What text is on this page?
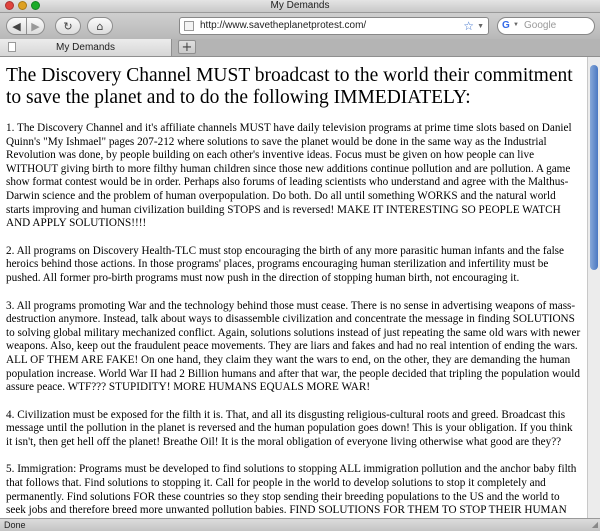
My Demands
◀ ▶ ↻ ⌂	http://www.savetheplanetprotest.com/	☆ ▼ G ▼ Google
My Demands	+
The Discovery Channel MUST broadcast to the world their commitment to save the planet and to do the following IMMEDIATELY:

1. The Discovery Channel and it's affiliate channels MUST have daily television programs at prime time slots based on Daniel Quinn's "My Ishmael" pages 207-212 where solutions to save the planet would be done in the same way as the Industrial Revolution was done, by people building on each other's inventive ideas. Focus must be given on how people can live WITHOUT giving birth to more filthy human children since those new additions continue pollution and are pollution. A game show format contest would be in order. Perhaps also forums of leading scientists who understand and agree with the Malthus-Darwin science and the problem of human overpopulation. Do both. Do all until something WORKS and the natural world starts improving and human civilization building STOPS and is reversed! MAKE IT INTERESTING SO PEOPLE WATCH AND APPLY SOLUTIONS!!!!

2. All programs on Discovery Health-TLC must stop encouraging the birth of any more parasitic human infants and the false heroics behind those actions. In those programs' places, programs encouraging human sterilization and infertility must be pushed. All former pro-birth programs must now push in the direction of stopping human birth, not encouraging it.

3. All programs promoting War and the technology behind those must cease. There is no sense in advertising weapons of mass-destruction anymore. Instead, talk about ways to disassemble civilization and concentrate the message in finding SOLUTIONS to solving global military mechanized conflict. Again, solutions solutions instead of just repeating the same old wars with newer weapons. Also, keep out the fraudulent peace movements. They are liars and fakes and had no real intention of ending the wars. ALL OF THEM ARE FAKE! On one hand, they claim they want the wars to end, on the other, they are demanding the human population increase. World War II had 2 Billion humans and after that war, the people decided that tripling the population would assure peace. WTF??? STUPIDITY! MORE HUMANS EQUALS MORE WAR!

4. Civilization must be exposed for the filth it is. That, and all its disgusting religious-cultural roots and greed. Broadcast this message until the pollution in the planet is reversed and the human population goes down! This is your obligation. If you think it isn't, then get hell off the planet! Breathe Oil! It is the moral obligation of everyone living otherwise what good are they??

5. Immigration: Programs must be developed to find solutions to stopping ALL immigration pollution and the anchor baby filth that follows that. Find solutions to stopping it. Call for people in the world to develop solutions to stop it completely and permanently. Find solutions FOR these countries so they stop sending their breeding populations to the US and the world to seek jobs and therefore breed more unwanted pollution babies. FIND SOLUTIONS FOR THEM TO STOP THEIR HUMAN

Done	◢
